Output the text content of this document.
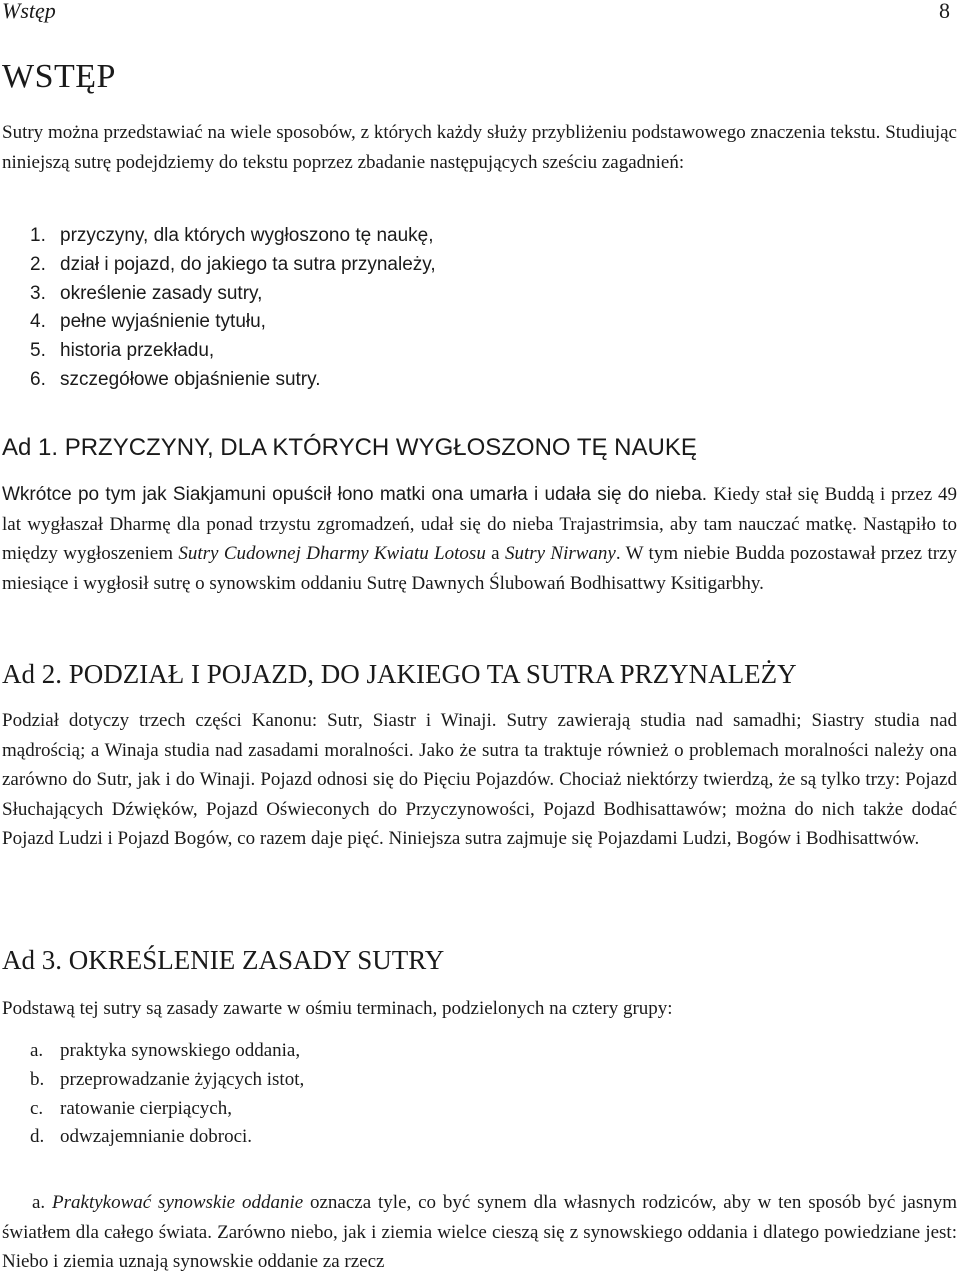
Wstęp	8
WSTĘP

Sutry można przedstawiać na wiele sposobów, z których każdy służy przybliżeniu podstawowego znaczenia tekstu. Studiując niniejszą sutrę podejdziemy do tekstu poprzez zbadanie następujących sześciu zagadnień:

1. przyczyny, dla których wygłoszono tę naukę,
2. dział i pojazd, do jakiego ta sutra przynależy,
3. określenie zasady sutry,
4. pełne wyjaśnienie tytułu,
5. historia przekładu,
6. szczegółowe objaśnienie sutry.
Ad 1. PRZYCZYNY, DLA KTÓRYCH WYGŁOSZONO TĘ NAUKĘ

Wkrótce po tym jak Siakjamuni opuścił łono matki ona umarła i udała się do nieba. Kiedy stał się Buddą i przez 49 lat wygłaszał Dharmę dla ponad trzystu zgromadzeń, udał się do nieba Trajastrimsia, aby tam nauczać matkę. Nastąpiło to między wygłoszeniem Sutry Cudownej Dharmy Kwiatu Lotosu a Sutry Nirwany. W tym niebie Budda pozostawał przez trzy miesiące i wygłosił sutrę o synowskim oddaniu Sutrę Dawnych Ślubowań Bodhisattwy Ksitigarbhy.

Ad 2. PODZIAŁ I POJAZD, DO JAKIEGO TA SUTRA PRZYNALEŻY

Podział dotyczy trzech części Kanonu: Sutr, Siastr i Winaji. Sutry zawierają studia nad samadhi; Siastry studia nad mądrością; a Winaja studia nad zasadami moralności. Jako że sutra ta traktuje również o problemach moralności należy ona zarówno do Sutr, jak i do Winaji. Pojazd odnosi się do Pięciu Pojazdów. Chociaż niektórzy twierdzą, że są tylko trzy: Pojazd Słuchających Dźwięków, Pojazd Oświeconych do Przyczynowości, Pojazd Bodhisattawów; można do nich także dodać Pojazd Ludzi i Pojazd Bogów, co razem daje pięć. Niniejsza sutra zajmuje się Pojazdami Ludzi, Bogów i Bodhisattwów.

Ad 3. OKREŚLENIE ZASADY SUTRY

Podstawą tej sutry są zasady zawarte w ośmiu terminach, podzielonych na cztery grupy:

a. praktyka synowskiego oddania,
b. przeprowadzanie żyjących istot,
c. ratowanie cierpiących,
d. odwzajemnianie dobroci.

a. Praktykować synowskie oddanie oznacza tyle, co być synem dla własnych rodziców, aby w ten sposób być jasnym światłem dla całego świata. Zarówno niebo, jak i ziemia wielce cieszą się z synowskiego oddania i dlatego powiedziane jest: Niebo i ziemia uznają synowskie oddanie za rzecz
